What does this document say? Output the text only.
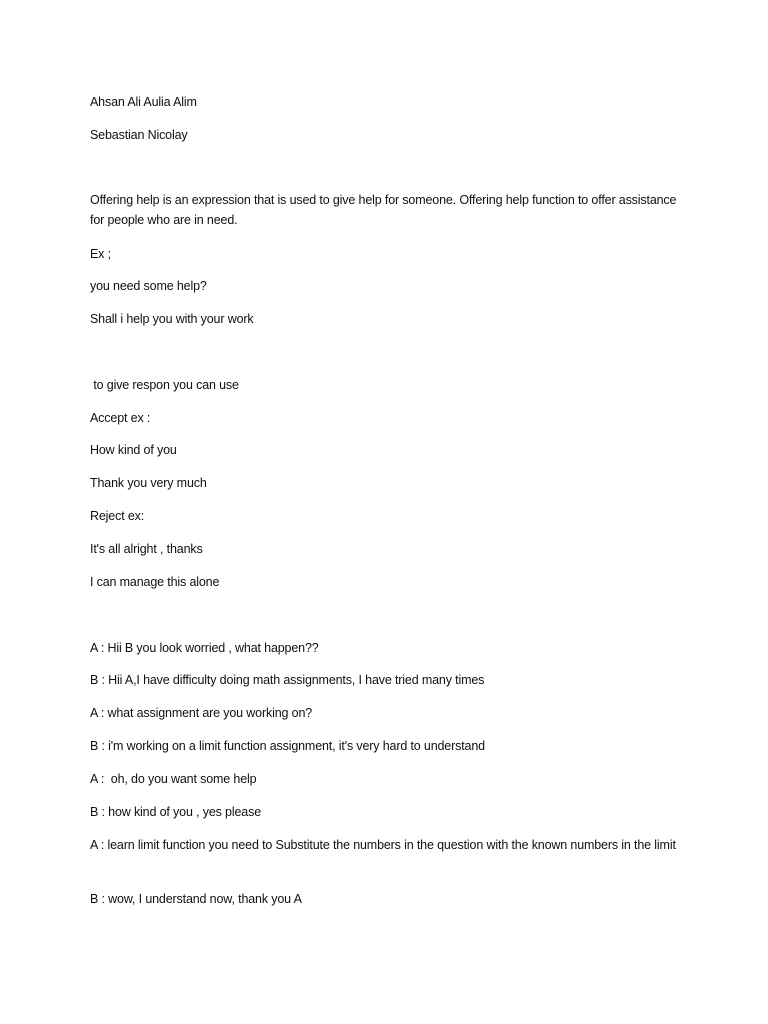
Ahsan Ali Aulia Alim

Sebastian Nicolay

Offering help is an expression that is used to give help for someone. Offering help function to offer assistance for people who are in need.

Ex ;

you need some help?

Shall i help you with your work

to give respon you can use

Accept ex :

How kind of you

Thank you very much

Reject ex:

It's all alright , thanks

I can manage this alone

A : Hii B you look worried , what happen??

B : Hii A,I have difficulty doing math assignments, I have tried many times

A : what assignment are you working on?

B : i'm working on a limit function assignment, it's very hard to understand

A :  oh, do you want some help

B : how kind of you , yes please

A : learn limit function you need to Substitute the numbers in the question with the known numbers in the limit

B : wow, I understand now, thank you A
